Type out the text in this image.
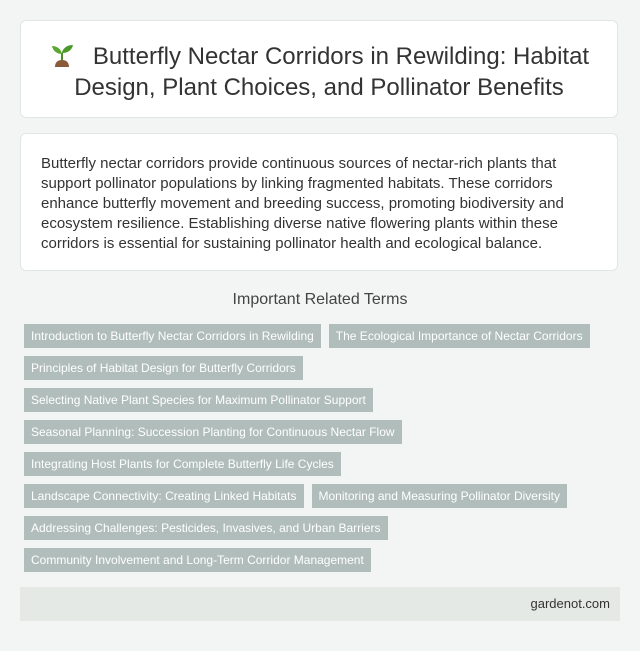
Butterfly Nectar Corridors in Rewilding: Habitat Design, Plant Choices, and Pollinator Benefits

Butterfly nectar corridors provide continuous sources of nectar-rich plants that support pollinator populations by linking fragmented habitats. These corridors enhance butterfly movement and breeding success, promoting biodiversity and ecosystem resilience. Establishing diverse native flowering plants within these corridors is essential for sustaining pollinator health and ecological balance.

Important Related Terms
Introduction to Butterfly Nectar Corridors in Rewilding	The Ecological Importance of Nectar Corridors
Principles of Habitat Design for Butterfly Corridors
Selecting Native Plant Species for Maximum Pollinator Support
Seasonal Planning: Succession Planting for Continuous Nectar Flow
Integrating Host Plants for Complete Butterfly Life Cycles
Landscape Connectivity: Creating Linked Habitats	Monitoring and Measuring Pollinator Diversity
Addressing Challenges: Pesticides, Invasives, and Urban Barriers
Community Involvement and Long-Term Corridor Management
gardenot.com
